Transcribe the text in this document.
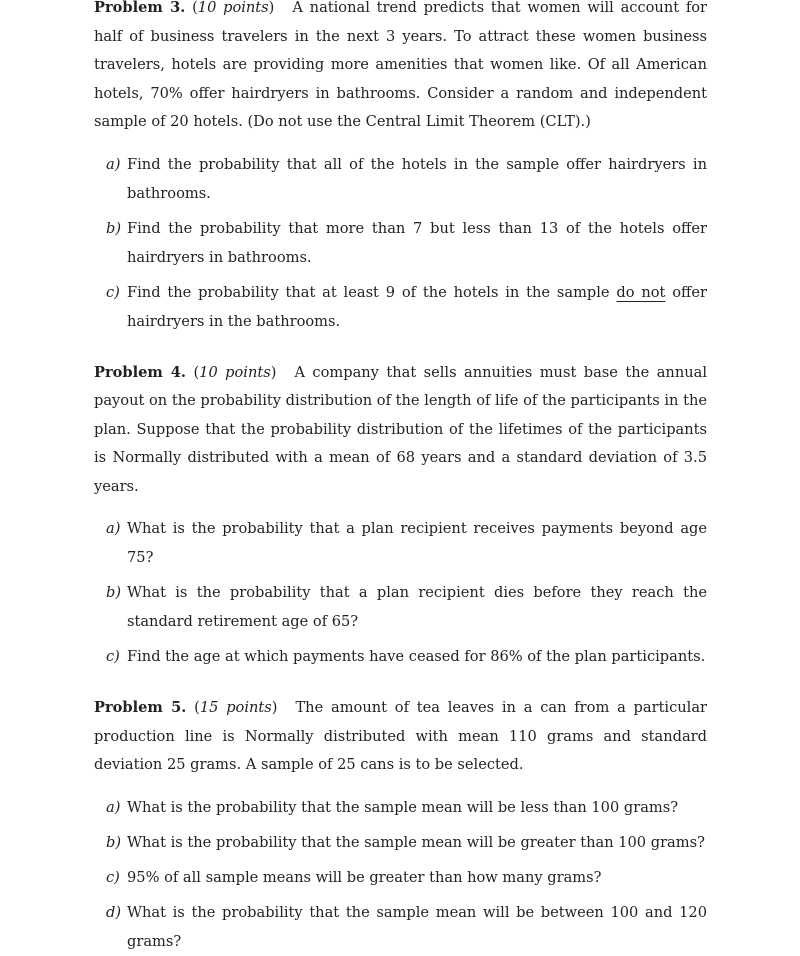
Problem 3. (10 points) A national trend predicts that women will account for half of business travelers in the next 3 years. To attract these women business travelers, hotels are providing more amenities that women like. Of all American hotels, 70% offer hairdryers in bathrooms. Consider a random and independent sample of 20 hotels. (Do not use the Central Limit Theorem (CLT).)

a) Find the probability that all of the hotels in the sample offer hairdryers in bathrooms.
b) Find the probability that more than 7 but less than 13 of the hotels offer hairdryers in bathrooms.
c) Find the probability that at least 9 of the hotels in the sample do not offer hairdryers in the bathrooms.

Problem 4. (10 points) A company that sells annuities must base the annual payout on the probability distribution of the length of life of the participants in the plan. Suppose that the probability distribution of the lifetimes of the participants is Normally distributed with a mean of 68 years and a standard deviation of 3.5 years.

a) What is the probability that a plan recipient receives payments beyond age 75?
b) What is the probability that a plan recipient dies before they reach the standard retirement age of 65?
c) Find the age at which payments have ceased for 86% of the plan participants.

Problem 5. (15 points) The amount of tea leaves in a can from a particular production line is Normally distributed with mean 110 grams and standard deviation 25 grams. A sample of 25 cans is to be selected.

a) What is the probability that the sample mean will be less than 100 grams?
b) What is the probability that the sample mean will be greater than 100 grams?
c) 95% of all sample means will be greater than how many grams?
d) What is the probability that the sample mean will be between 100 and 120 grams?
